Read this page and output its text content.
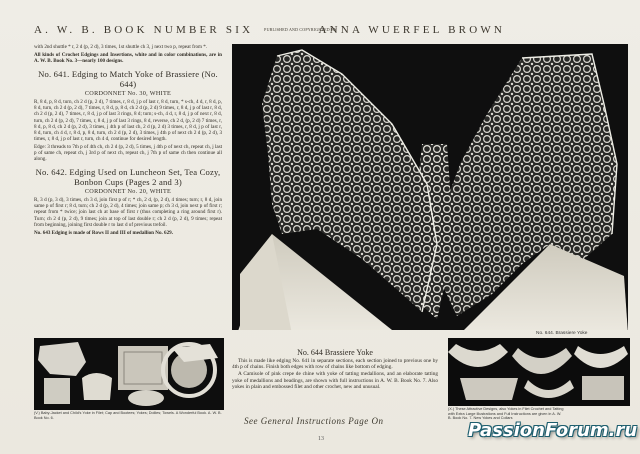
A. W. B. BOOK NUMBER SIX	PUBLISHED AND COPYRIGHTED BY ANNA WUERFEL BROWN

with 2nd shuttle * r, 2 d (p, 2 d), 3 times, 1st shuttle ch 3, j next two p, repeat from *.

All kinds of Crochet Edgings and Insertions, white and in color combinations, are in A. W. B. Book No. 3—nearly 100 designs.

No. 641. Edging to Match Yoke of Brassiere (No. 644)
CORDONNET No. 30, WHITE

R, 8 d, p, 8 d, turn, ch 2 d (p, 2 d), 7 times, r, 8 d, j p of last r, 8 d, turn, * s-ch, 4 d, r, 8 d, p, 8 d, turn, ch 2 d (p, 2 d), 7 times, r, 8 d, p, 8 d, ch 2 d (p, 2 d) 9 times, r, 8 d, j p of last r, 8 d, ch 2 d (p, 2 d), 7 times, r, 8 d, j p of last 3 rings, 8 d; turn; s-ch, 4 d, r, 8 d, j p of next r, 8 d, turn, ch 2 d (p, 2 d), 7 times, r, 8 d, j p of last 3 rings, 8 d, reverse, ch 2 d, (p, 2 d) 7 times, r, 8 d, p, 8 d, ch 2 d (p, 2 d), 3 times, j 4th p of last ch, 2 d (p, 2 d) 3 times, r, 8 d, j p of last r, 8 d, turn, ch 4 d, r, 8 d, p, 8 d, turn, ch 2 d (p, 2 d), 3 times, j 4th p of next ch 2 d (p, 2 d), 3 times, r, 8 d, j p of last r, turn, ch 4 d, continue for desired length.

Edge: 3 threads to 7th p of 4th ch, ch 2 d (p, 2 d), 5 times, j 4th p of next ch, repeat ch, j last p of same ch, repeat ch, j 3rd p of next ch, repeat ch, j 7th p of same ch then continue all along.

No. 642. Edging Used on Luncheon Set, Tea Cozy, Bonbon Cups (Pages 2 and 3)
CORDONNET No. 20, WHITE

R, 3 d (p, 3 d), 3 times, ch 3 d, join first p of r; * ch, 2 d, (p, 2 d), 4 times; turn; r, 8 d, join same p of first r; 8 d, turn; ch 2 d (p, 2 d), 4 times; join same p; ch 3 d, join next p of first r; repeat from * twice; join last ch at base of first r (thus completing a ring around first r). Turn; ch 2 d (p, 2 d), 9 times; join at top of last double r; ch 2 d (p, 2 d), 9 times; repeat from beginning, joining first double r to last d of previous trefoil.

No. 643 Edging is made of Rows II and III of medallion No. 629.

No. 644. Brassiere Yoke
(V.) Baby-Jacket and Child's Yoke in Filet; Cap and Bootees; Yokes; Doilies; Towels. A Wonderful Book. A. W. B. Book No. 6.
No. 644 Brassiere Yoke

This is made like edging No. 641 in separate sections, each section joined to previous one by 4th p of chains. Finish both edges with row of chains like bottom of edging.

A Camisole of pink crepe de chine with yoke of tatting medallions, and an elaborate tatting yoke of medallions and beadings, are shown with full instructions in A. W. B. Book No. 7. Also yokes in plain and embossed filet and other crochet, new and unusual.

See General Instructions Page On
(X.) These Attractive Designs, also Yokes in Filet Crochet and Tatting with Extra Large Illustrations and Full Instructions are given in A. W. B. Book No. 7. New Yokes and Collars
13	PassionForum.ru
